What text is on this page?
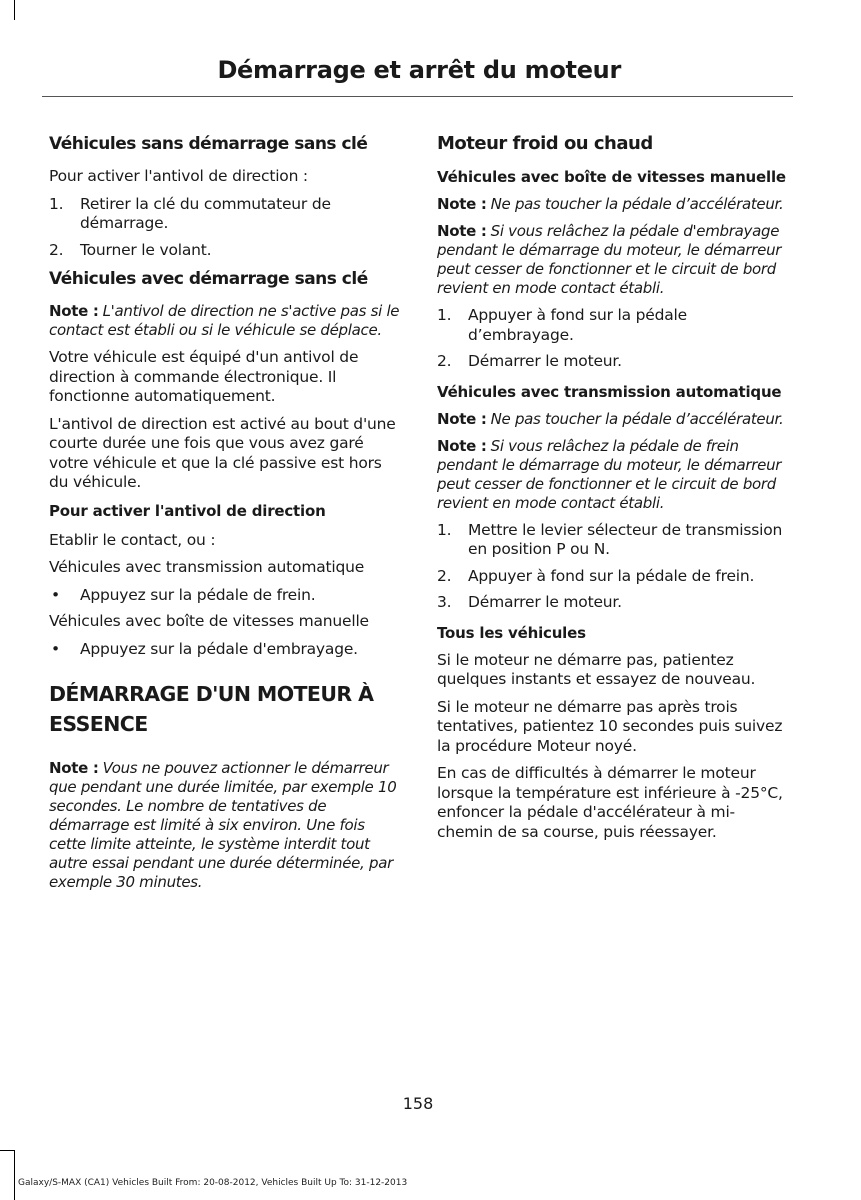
Démarrage et arrêt du moteur
Véhicules sans démarrage sans clé

Pour activer l'antivol de direction :

1.	Retirer la clé du commutateur de démarrage.
2.	Tourner le volant.
Véhicules avec démarrage sans clé
Note : L'antivol de direction ne s'active pas si le contact est établi ou si le véhicule se déplace.

Votre véhicule est équipé d'un antivol de direction à commande électronique. Il fonctionne automatiquement.

L'antivol de direction est activé au bout d'une courte durée une fois que vous avez garé votre véhicule et que la clé passive est hors du véhicule.

Pour activer l'antivol de direction

Etablir le contact, ou :

Véhicules avec transmission automatique

•	Appuyez sur la pédale de frein.

Véhicules avec boîte de vitesses manuelle

•	Appuyez sur la pédale d'embrayage.
DÉMARRAGE D'UN MOTEUR À ESSENCE
Note : Vous ne pouvez actionner le démarreur que pendant une durée limitée, par exemple 10 secondes. Le nombre de tentatives de démarrage est limité à six environ. Une fois cette limite atteinte, le système interdit tout autre essai pendant une durée déterminée, par exemple 30 minutes.
Moteur froid ou chaud
Véhicules avec boîte de vitesses manuelle
Note : Ne pas toucher la pédale d’accélérateur.
Note : Si vous relâchez la pédale d'embrayage pendant le démarrage du moteur, le démarreur peut cesser de fonctionner et le circuit de bord revient en mode contact établi.
1.	Appuyer à fond sur la pédale d’embrayage.
2.	Démarrer le moteur.
Véhicules avec transmission automatique
Note : Ne pas toucher la pédale d’accélérateur.
Note : Si vous relâchez la pédale de frein pendant le démarrage du moteur, le démarreur peut cesser de fonctionner et le circuit de bord revient en mode contact établi.
1.	Mettre le levier sélecteur de transmission en position P ou N.
2.	Appuyer à fond sur la pédale de frein.
3.	Démarrer le moteur.
Tous les véhicules

Si le moteur ne démarre pas, patientez quelques instants et essayez de nouveau.

Si le moteur ne démarre pas après trois tentatives, patientez 10 secondes puis suivez la procédure Moteur noyé.

En cas de difficultés à démarrer le moteur lorsque la température est inférieure à -25°C, enfoncer la pédale d'accélérateur à mi-chemin de sa course, puis réessayer.

158
Galaxy/S-MAX (CA1) Vehicles Built From: 20-08-2012, Vehicles Built Up To: 31-12-2013
